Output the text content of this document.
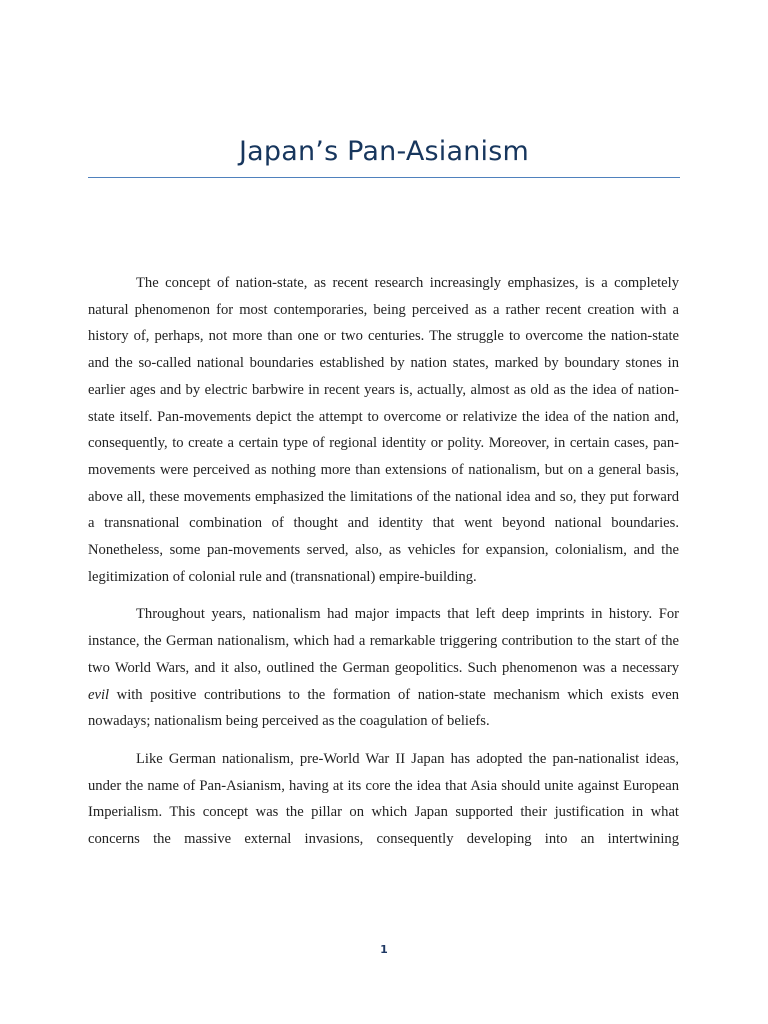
Japan’s Pan-Asianism

The concept of nation-state, as recent research increasingly emphasizes, is a completely natural phenomenon for most contemporaries, being perceived as a rather recent creation with a history of, perhaps, not more than one or two centuries. The struggle to overcome the nation-state and the so-called national boundaries established by nation states, marked by boundary stones in earlier ages and by electric barbwire in recent years is, actually, almost as old as the idea of nation-state itself. Pan-movements depict the attempt to overcome or relativize the idea of the nation and, consequently, to create a certain type of regional identity or polity. Moreover, in certain cases, pan-movements were perceived as nothing more than extensions of nationalism, but on a general basis, above all, these movements emphasized the limitations of the national idea and so, they put forward a transnational combination of thought and identity that went beyond national boundaries. Nonetheless, some pan-movements served, also, as vehicles for expansion, colonialism, and the legitimization of colonial rule and (transnational) empire-building.

Throughout years, nationalism had major impacts that left deep imprints in history. For instance, the German nationalism, which had a remarkable triggering contribution to the start of the two World Wars, and it also, outlined the German geopolitics. Such phenomenon was a necessary evil with positive contributions to the formation of nation-state mechanism which exists even nowadays; nationalism being perceived as the coagulation of beliefs.

Like German nationalism, pre-World War II Japan has adopted the pan-nationalist ideas, under the name of Pan-Asianism, having at its core the idea that Asia should unite against European Imperialism. This concept was the pillar on which Japan supported their justification in what concerns the massive external invasions, consequently developing into an intertwining

1
